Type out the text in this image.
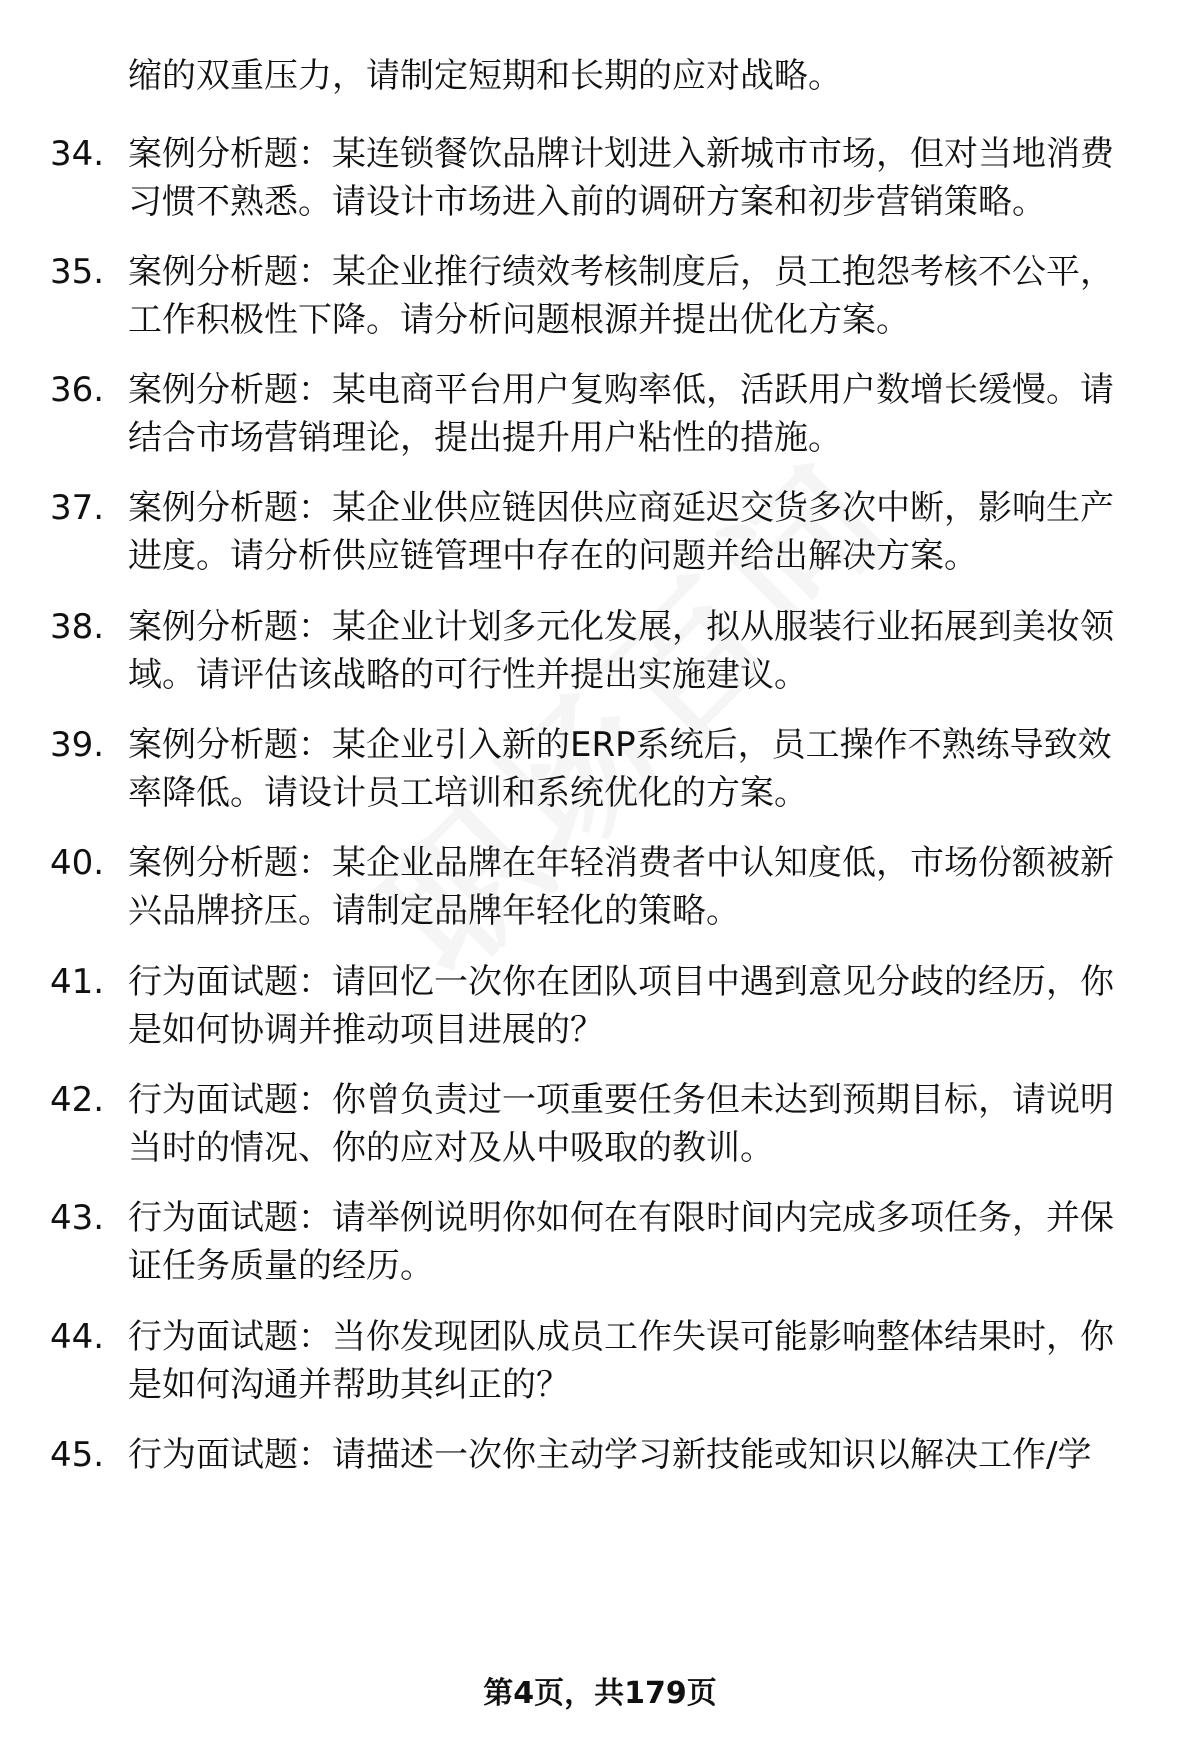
缩的双重压力，请制定短期和长期的应对战略。
34. 案例分析题：某连锁餐饮品牌计划进入新城市市场，但对当地消费习惯不熟悉。请设计市场进入前的调研方案和初步营销策略。
35. 案例分析题：某企业推行绩效考核制度后，员工抱怨考核不公平，工作积极性下降。请分析问题根源并提出优化方案。
36. 案例分析题：某电商平台用户复购率低，活跃用户数增长缓慢。请结合市场营销理论，提出提升用户粘性的措施。
37. 案例分析题：某企业供应链因供应商延迟交货多次中断，影响生产进度。请分析供应链管理中存在的问题并给出解决方案。
38. 案例分析题：某企业计划多元化发展，拟从服装行业拓展到美妆领域。请评估该战略的可行性并提出实施建议。
39. 案例分析题：某企业引入新的ERP系统后，员工操作不熟练导致效率降低。请设计员工培训和系统优化的方案。
40. 案例分析题：某企业品牌在年轻消费者中认知度低，市场份额被新兴品牌挤压。请制定品牌年轻化的策略。
41. 行为面试题：请回忆一次你在团队项目中遇到意见分歧的经历，你是如何协调并推动项目进展的？
42. 行为面试题：你曾负责过一项重要任务但未达到预期目标，请说明当时的情况、你的应对及从中吸取的教训。
43. 行为面试题：请举例说明你如何在有限时间内完成多项任务，并保证任务质量的经历。
44. 行为面试题：当你发现团队成员工作失误可能影响整体结果时，你是如何沟通并帮助其纠正的？
45. 行为面试题：请描述一次你主动学习新技能或知识以解决工作/学
第4页，共179页
